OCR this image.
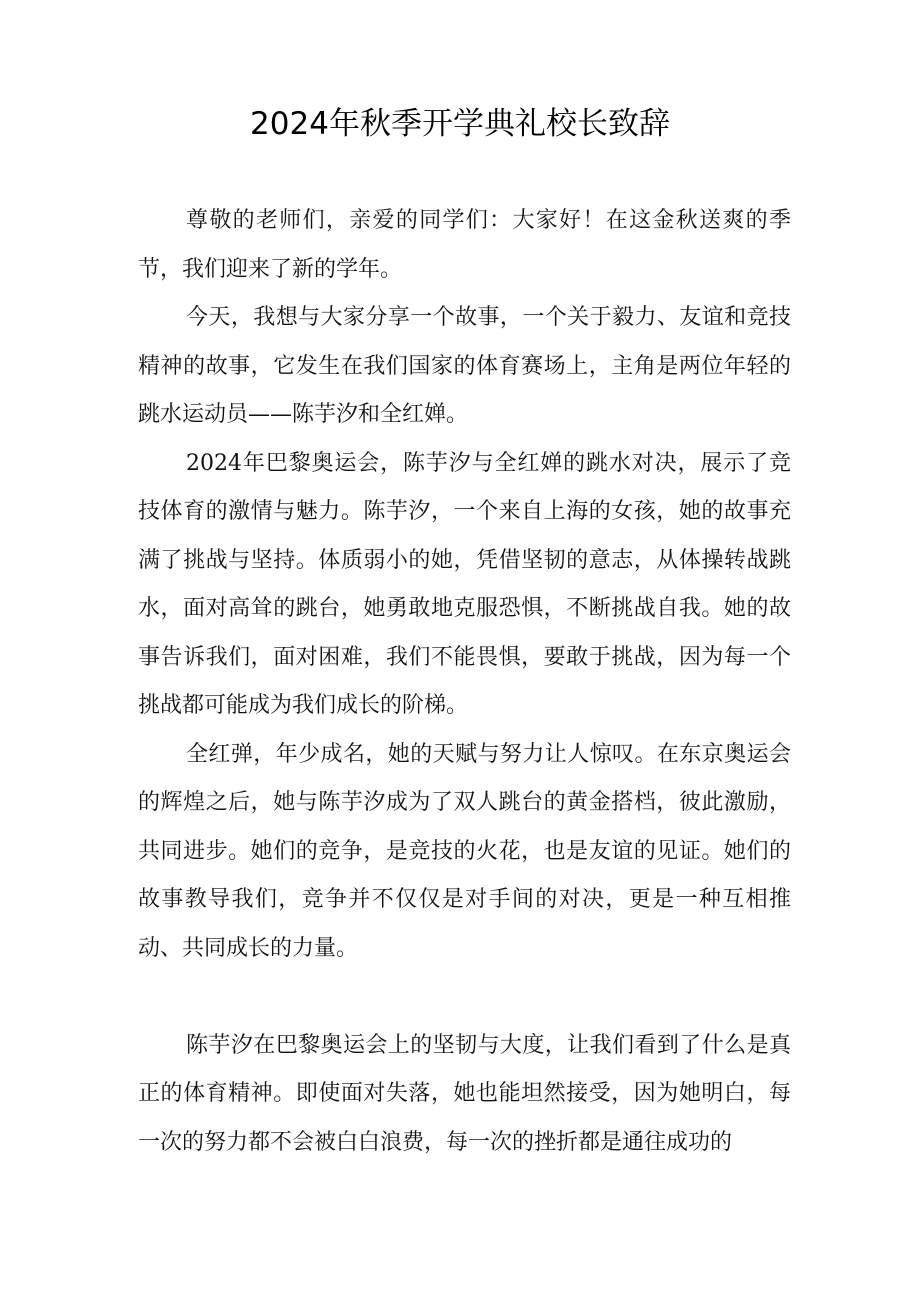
2024年秋季开学典礼校长致辞

尊敬的老师们，亲爱的同学们：大家好！在这金秋送爽的季节，我们迎来了新的学年。

今天，我想与大家分享一个故事，一个关于毅力、友谊和竞技精神的故事，它发生在我们国家的体育赛场上，主角是两位年轻的跳水运动员——陈芋汐和全红婵。

2024年巴黎奥运会，陈芋汐与全红婵的跳水对决，展示了竞技体育的激情与魅力。陈芋汐，一个来自上海的女孩，她的故事充满了挑战与坚持。体质弱小的她，凭借坚韧的意志，从体操转战跳水，面对高耸的跳台，她勇敢地克服恐惧，不断挑战自我。她的故事告诉我们，面对困难，我们不能畏惧，要敢于挑战，因为每一个挑战都可能成为我们成长的阶梯。

全红弹，年少成名，她的天赋与努力让人惊叹。在东京奥运会的辉煌之后，她与陈芋汐成为了双人跳台的黄金搭档，彼此激励，共同进步。她们的竞争，是竞技的火花，也是友谊的见证。她们的故事教导我们，竞争并不仅仅是对手间的对决，更是一种互相推动、共同成长的力量。

陈芋汐在巴黎奥运会上的坚韧与大度，让我们看到了什么是真正的体育精神。即使面对失落，她也能坦然接受，因为她明白，每一次的努力都不会被白白浪费，每一次的挫折都是通往成功的
